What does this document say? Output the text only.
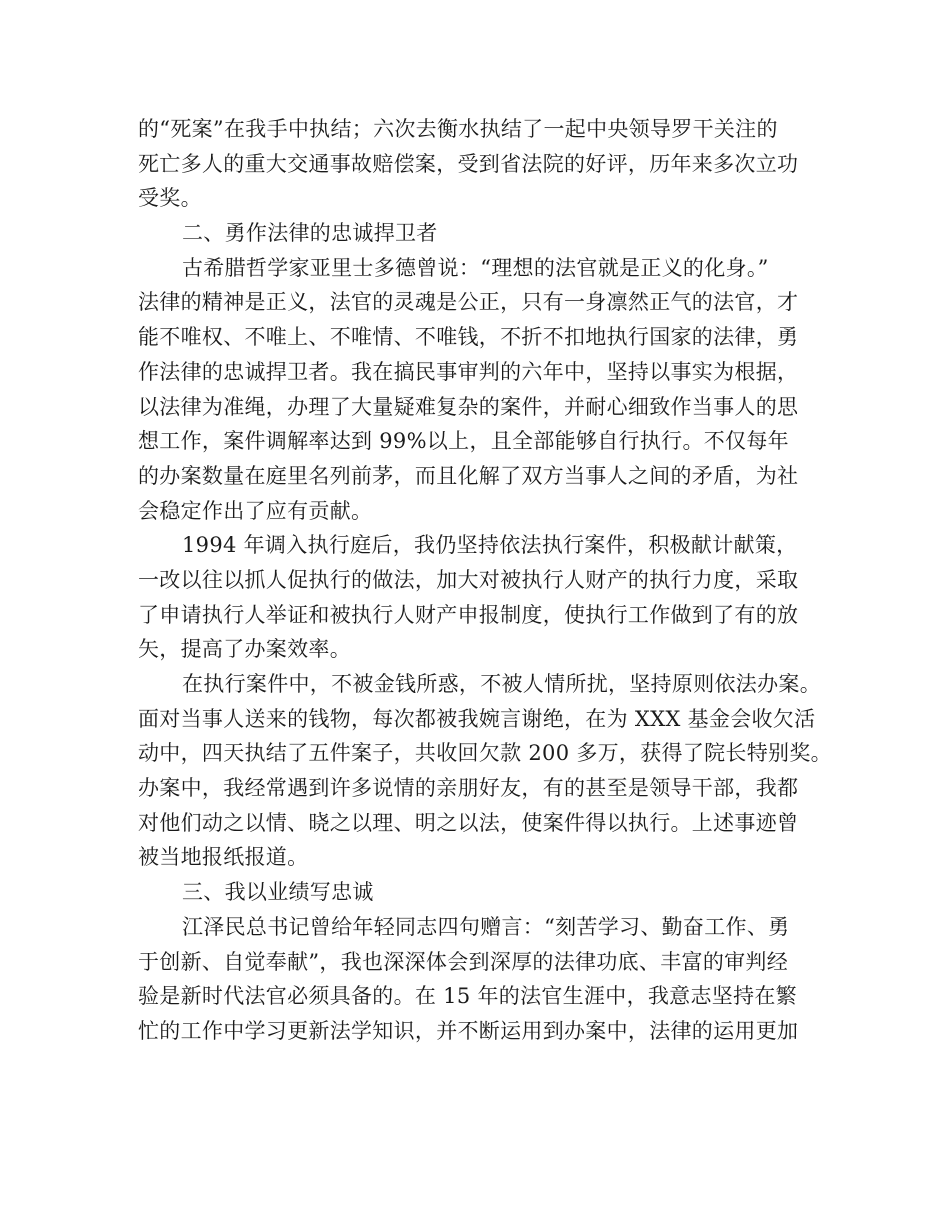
的“死案”在我手中执结；六次去衡水执结了一起中央领导罗干关注的
死亡多人的重大交通事故赔偿案，受到省法院的好评，历年来多次立功
受奖。
二、勇作法律的忠诚捍卫者
古希腊哲学家亚里士多德曾说：“理想的法官就是正义的化身。”
法律的精神是正义，法官的灵魂是公正，只有一身凛然正气的法官，才
能不唯权、不唯上、不唯情、不唯钱，不折不扣地执行国家的法律，勇
作法律的忠诚捍卫者。我在搞民事审判的六年中，坚持以事实为根据，
以法律为准绳，办理了大量疑难复杂的案件，并耐心细致作当事人的思
想工作，案件调解率达到 99%以上，且全部能够自行执行。不仅每年
的办案数量在庭里名列前茅，而且化解了双方当事人之间的矛盾，为社
会稳定作出了应有贡献。
1994 年调入执行庭后，我仍坚持依法执行案件，积极献计献策，
一改以往以抓人促执行的做法，加大对被执行人财产的执行力度，采取
了申请执行人举证和被执行人财产申报制度，使执行工作做到了有的放
矢，提高了办案效率。
在执行案件中，不被金钱所惑，不被人情所扰，坚持原则依法办案。
面对当事人送来的钱物，每次都被我婉言谢绝，在为 XXX 基金会收欠活
动中，四天执结了五件案子，共收回欠款 200 多万，获得了院长特别奖。
办案中，我经常遇到许多说情的亲朋好友，有的甚至是领导干部，我都
对他们动之以情、晓之以理、明之以法，使案件得以执行。上述事迹曾
被当地报纸报道。
三、我以业绩写忠诚
江泽民总书记曾给年轻同志四句赠言：“刻苦学习、勤奋工作、勇
于创新、自觉奉献”，我也深深体会到深厚的法律功底、丰富的审判经
验是新时代法官必须具备的。在 15 年的法官生涯中，我意志坚持在繁
忙的工作中学习更新法学知识，并不断运用到办案中，法律的运用更加
